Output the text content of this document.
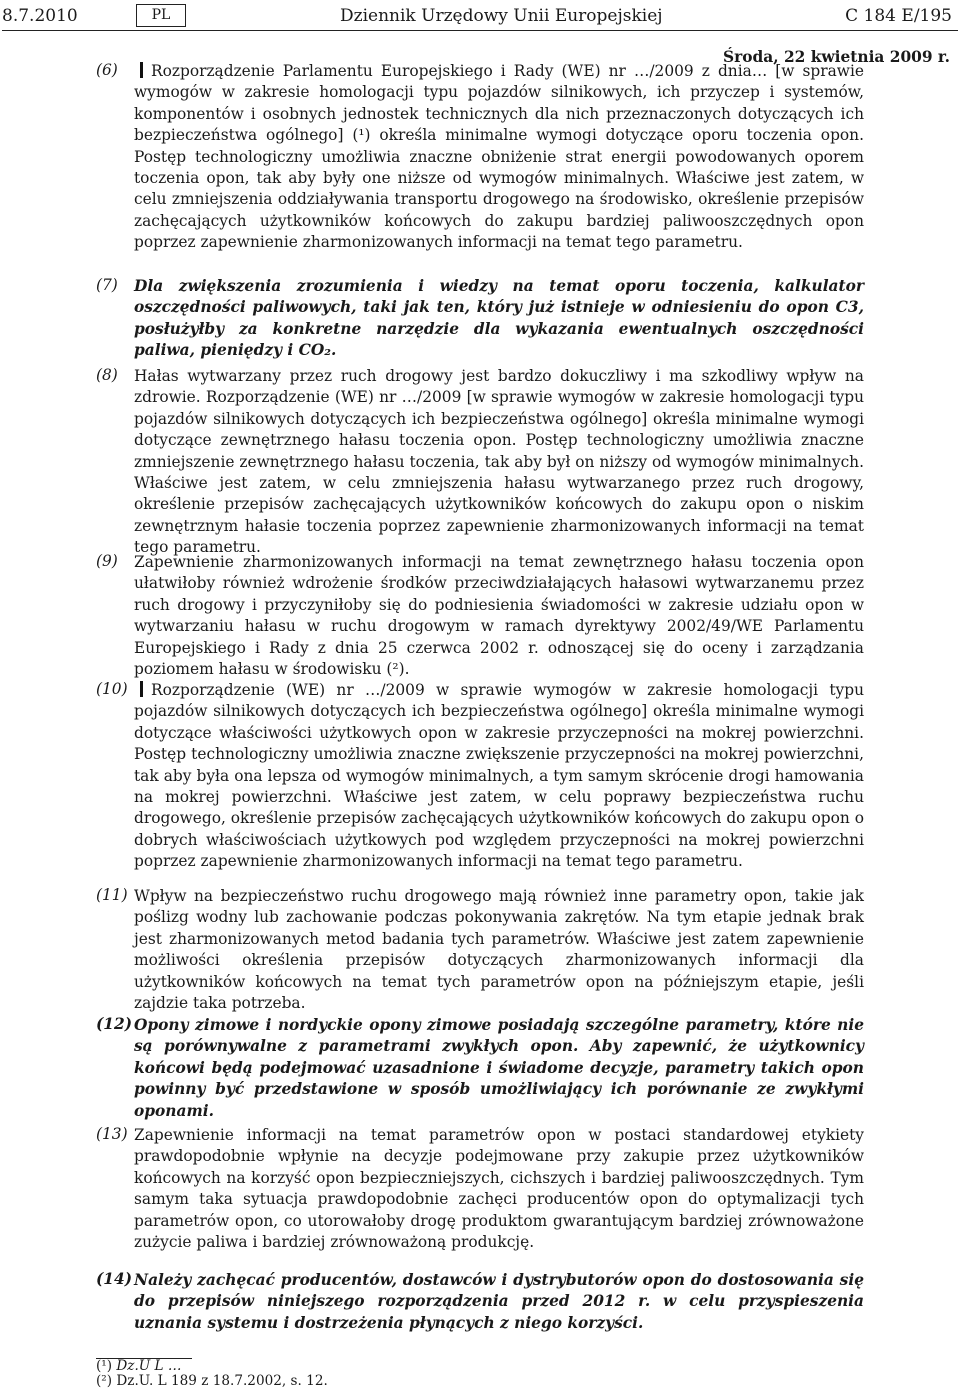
8.7.2010	PL	Dziennik Urzędowy Unii Europejskiej	C 184 E/195
Środa, 22 kwietnia 2009 r.
(6)	Rozporządzenie Parlamentu Europejskiego i Rady (WE) nr …/2009 z dnia… [w sprawie wymogów w zakresie homologacji typu pojazdów silnikowych, ich przyczep i systemów, komponentów i osobnych jednostek technicznych dla nich przeznaczonych dotyczących ich bezpieczeństwa ogólnego] (¹) określa minimalne wymogi dotyczące oporu toczenia opon. Postęp technologiczny umożliwia znaczne obniżenie strat energii powodowanych oporem toczenia opon, tak aby były one niższe od wymogów minimalnych. Właściwe jest zatem, w celu zmniejszenia oddziaływania transportu drogowego na środowisko, określenie przepisów zachęcających użytkowników końcowych do zakupu bardziej paliwooszczędnych opon poprzez zapewnienie zharmonizowanych informacji na temat tego parametru.
(7) Dla zwiększenia zrozumienia i wiedzy na temat oporu toczenia, kalkulator oszczędności paliwowych, taki jak ten, który już istnieje w odniesieniu do opon C3, posłużyłby za konkretne narzędzie dla wykazania ewentualnych oszczędności paliwa, pieniędzy i CO₂.
(8) Hałas wytwarzany przez ruch drogowy jest bardzo dokuczliwy i ma szkodliwy wpływ na zdrowie. Rozporządzenie (WE) nr …/2009 [w sprawie wymogów w zakresie homologacji typu pojazdów silnikowych dotyczących ich bezpieczeństwa ogólnego] określa minimalne wymogi dotyczące zewnętrznego hałasu toczenia opon. Postęp technologiczny umożliwia znaczne zmniejszenie zewnętrznego hałasu toczenia, tak aby był on niższy od wymogów minimalnych. Właściwe jest zatem, w celu zmniejszenia hałasu wytwarzanego przez ruch drogowy, określenie przepisów zachęcających użytkowników końcowych do zakupu opon o niskim zewnętrznym hałasie toczenia poprzez zapewnienie zharmonizowanych informacji na temat tego parametru.
(9) Zapewnienie zharmonizowanych informacji na temat zewnętrznego hałasu toczenia opon ułatwiłoby również wdrożenie środków przeciwdziałających hałasowi wytwarzanemu przez ruch drogowy i przyczyniłoby się do podniesienia świadomości w zakresie udziału opon w wytwarzaniu hałasu w ruchu drogowym w ramach dyrektywy 2002/49/WE Parlamentu Europejskiego i Rady z dnia 25 czerwca 2002 r. odnoszącej się do oceny i zarządzania poziomem hałasu w środowisku (²).
(10)	Rozporządzenie (WE) nr …/2009 w sprawie wymogów w zakresie homologacji typu pojazdów silnikowych dotyczących ich bezpieczeństwa ogólnego] określa minimalne wymogi dotyczące właściwości użytkowych opon w zakresie przyczepności na mokrej powierzchni. Postęp technologiczny umożliwia znaczne zwiększenie przyczepności na mokrej powierzchni, tak aby była ona lepsza od wymogów minimalnych, a tym samym skrócenie drogi hamowania na mokrej powierzchni. Właściwe jest zatem, w celu poprawy bezpieczeństwa ruchu drogowego, określenie przepisów zachęcających użytkowników końcowych do zakupu opon o dobrych właściwościach użytkowych pod względem przyczepności na mokrej powierzchni poprzez zapewnienie zharmonizowanych informacji na temat tego parametru.
(11) Wpływ na bezpieczeństwo ruchu drogowego mają również inne parametry opon, takie jak poślizg wodny lub zachowanie podczas pokonywania zakrętów. Na tym etapie jednak brak jest zharmonizowanych metod badania tych parametrów. Właściwe jest zatem zapewnienie możliwości określenia przepisów dotyczących zharmonizowanych informacji dla użytkowników końcowych na temat tych parametrów opon na późniejszym etapie, jeśli zajdzie taka potrzeba.
(12) Opony zimowe i nordyckie opony zimowe posiadają szczególne parametry, które nie są porównywalne z parametrami zwykłych opon. Aby zapewnić, że użytkownicy końcowi będą podejmować uzasadnione i świadome decyzje, parametry takich opon powinny być przedstawione w sposób umożliwiający ich porównanie ze zwykłymi oponami.
(13) Zapewnienie informacji na temat parametrów opon w postaci standardowej etykiety prawdopodobnie wpłynie na decyzje podejmowane przy zakupie przez użytkowników końcowych na korzyść opon bezpieczniejszych, cichszych i bardziej paliwooszczędnych. Tym samym taka sytuacja prawdopodobnie zachęci producentów opon do optymalizacji tych parametrów opon, co utorowałoby drogę produktom gwarantującym bardziej zrównoważone zużycie paliwa i bardziej zrównoważoną produkcję.
(14) Należy zachęcać producentów, dostawców i dystrybutorów opon do dostosowania się do przepisów niniejszego rozporządzenia przed 2012 r. w celu przyspieszenia uznania systemu i dostrzeżenia płynących z niego korzyści.
(¹) Dz.U L …
(²) Dz.U. L 189 z 18.7.2002, s. 12.
